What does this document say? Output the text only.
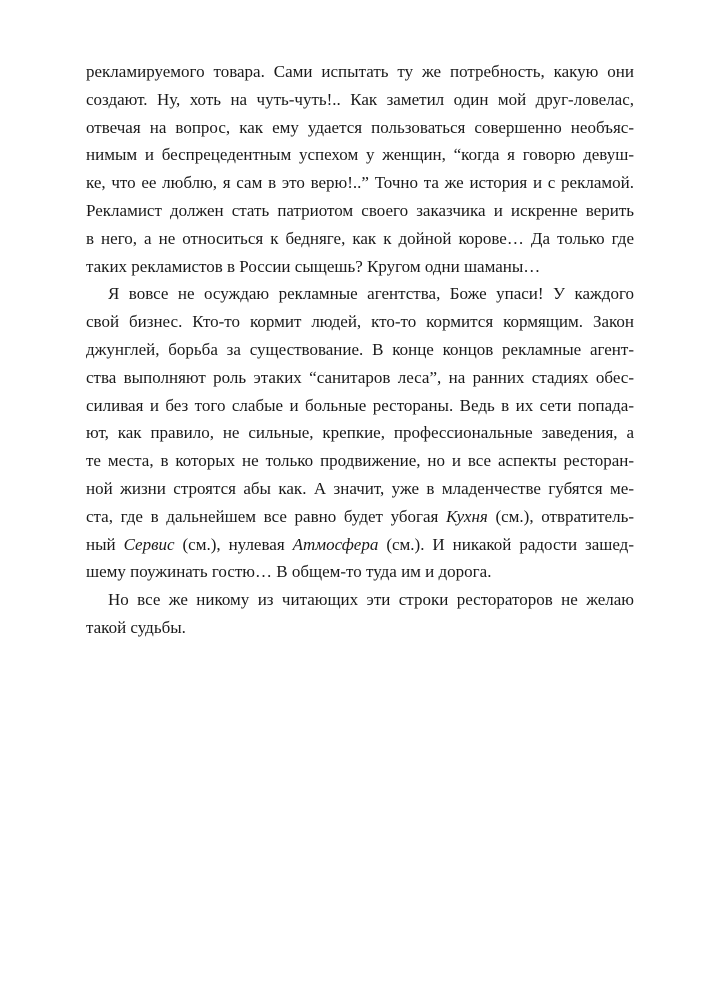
рекламируемого товара. Сами испытать ту же потребность, какую они
создают. Ну, хоть на чуть-чуть!.. Как заметил один мой друг-ловелас,
отвечая на вопрос, как ему удается пользоваться совершенно необъяс-
нимым и беспрецедентным успехом у женщин, “когда я говорю девуш-
ке, что ее люблю, я сам в это верю!..” Точно та же история и с рекламой.
Рекламист должен стать патриотом своего заказчика и искренне верить
в него, а не относиться к бедняге, как к дойной корове… Да только где
таких рекламистов в России сыщешь? Кругом одни шаманы…
Я вовсе не осуждаю рекламные агентства, Боже упаси! У каждого
свой бизнес. Кто-то кормит людей, кто-то кормится кормящим. Закон
джунглей, борьба за существование. В конце концов рекламные агент-
ства выполняют роль этаких “санитаров леса”, на ранних стадиях обес-
силивая и без того слабые и больные рестораны. Ведь в их сети попада-
ют, как правило, не сильные, крепкие, профессиональные заведения, а
те места, в которых не только продвижение, но и все аспекты ресторан-
ной жизни строятся абы как. А значит, уже в младенчестве губятся ме-
ста, где в дальнейшем все равно будет убогая Кухня (см.), отвратитель-
ный Сервис (см.), нулевая Атмосфера (см.). И никакой радости зашед-
шему поужинать гостю… В общем-то туда им и дорога.
Но все же никому из читающих эти строки рестораторов не желаю
такой судьбы.
